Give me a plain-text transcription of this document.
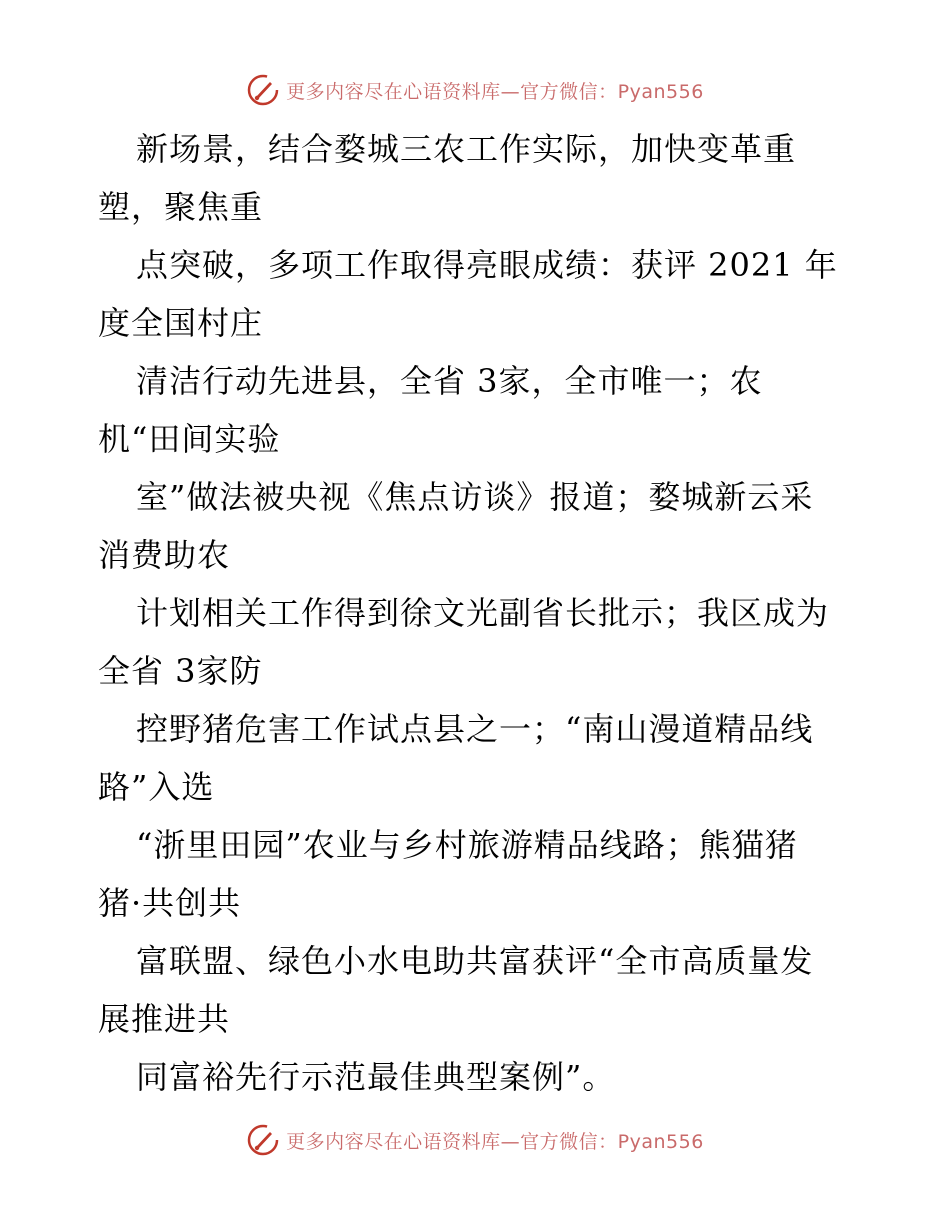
更多内容尽在心语资料库—官方微信：Pyan556
新场景，结合婺城三农工作实际，加快变革重
塑，聚焦重
点突破，多项工作取得亮眼成绩：获评 2021 年
度全国村庄
清洁行动先进县，全省 3家，全市唯一；农
机“田间实验
室”做法被央视《焦点访谈》报道；婺城新云采
消费助农
计划相关工作得到徐文光副省长批示；我区成为
全省 3家防
控野猪危害工作试点县之一；“南山漫道精品线
路”入选
“浙里田园”农业与乡村旅游精品线路；熊猫猪
猪·共创共
富联盟、绿色小水电助共富获评“全市高质量发
展推进共
同富裕先行示范最佳典型案例”。
更多内容尽在心语资料库—官方微信：Pyan556
